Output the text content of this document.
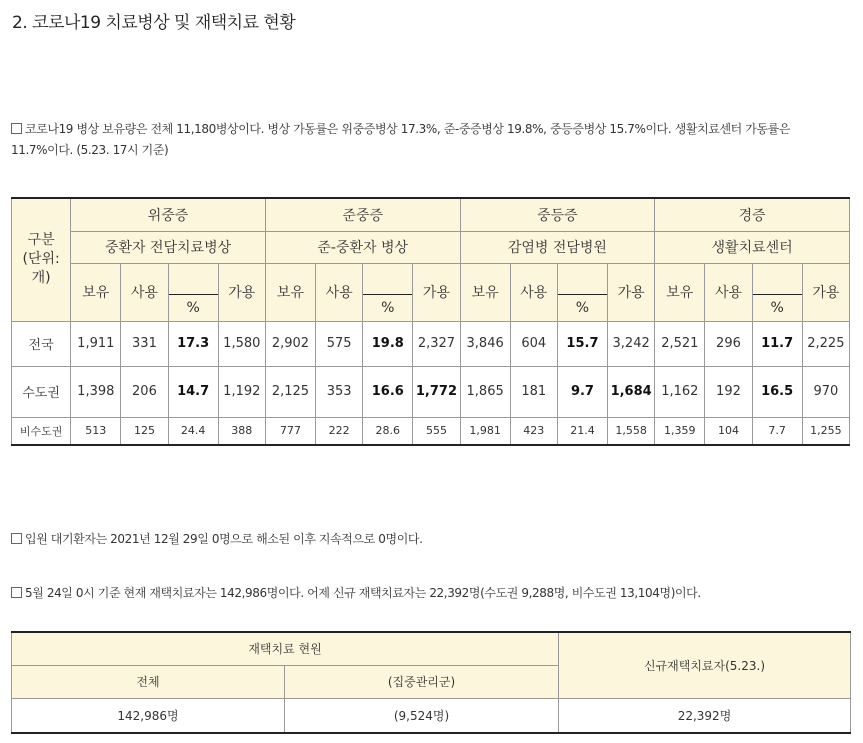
2. 코로나19 치료병상 및 재택치료 현황
코로나19 병상 보유량은 전체 11,180병상이다. 병상 가동률은 위중증병상 17.3%, 준-중증병상 19.8%, 중등증병상 15.7%이다. 생활치료센터 가동률은
11.7%이다. (5.23. 17시 기준)
구분
(단위:
개)	위중증				준중증				중등증				경증			
	중환자 전담치료병상				준-중환자 병상				감염병 전담병원				생활치료센터			
	보유	사용		가용	보유	사용		가용	보유	사용		가용	보유	사용		가용
			%				%				%				%	
전국	1,911	331	17.3	1,580	2,902	575	19.8	2,327	3,846	604	15.7	3,242	2,521	296	11.7	2,225
수도권	1,398	206	14.7	1,192	2,125	353	16.6	1,772	1,865	181	9.7	1,684	1,162	192	16.5	970
비수도권	513	125	24.4	388	777	222	28.6	555	1,981	423	21.4	1,558	1,359	104	7.7	1,255
입원 대기환자는 2021년 12월 29일 0명으로 해소된 이후 지속적으로 0명이다.
5월 24일 0시 기준 현재 재택치료자는 142,986명이다. 어제 신규 재택치료자는 22,392명(수도권 9,288명, 비수도권 13,104명)이다.
재택치료 현원		신규재택치료자(5.23.)
전체	(집중관리군)	
142,986명	(9,524명)	22,392명
